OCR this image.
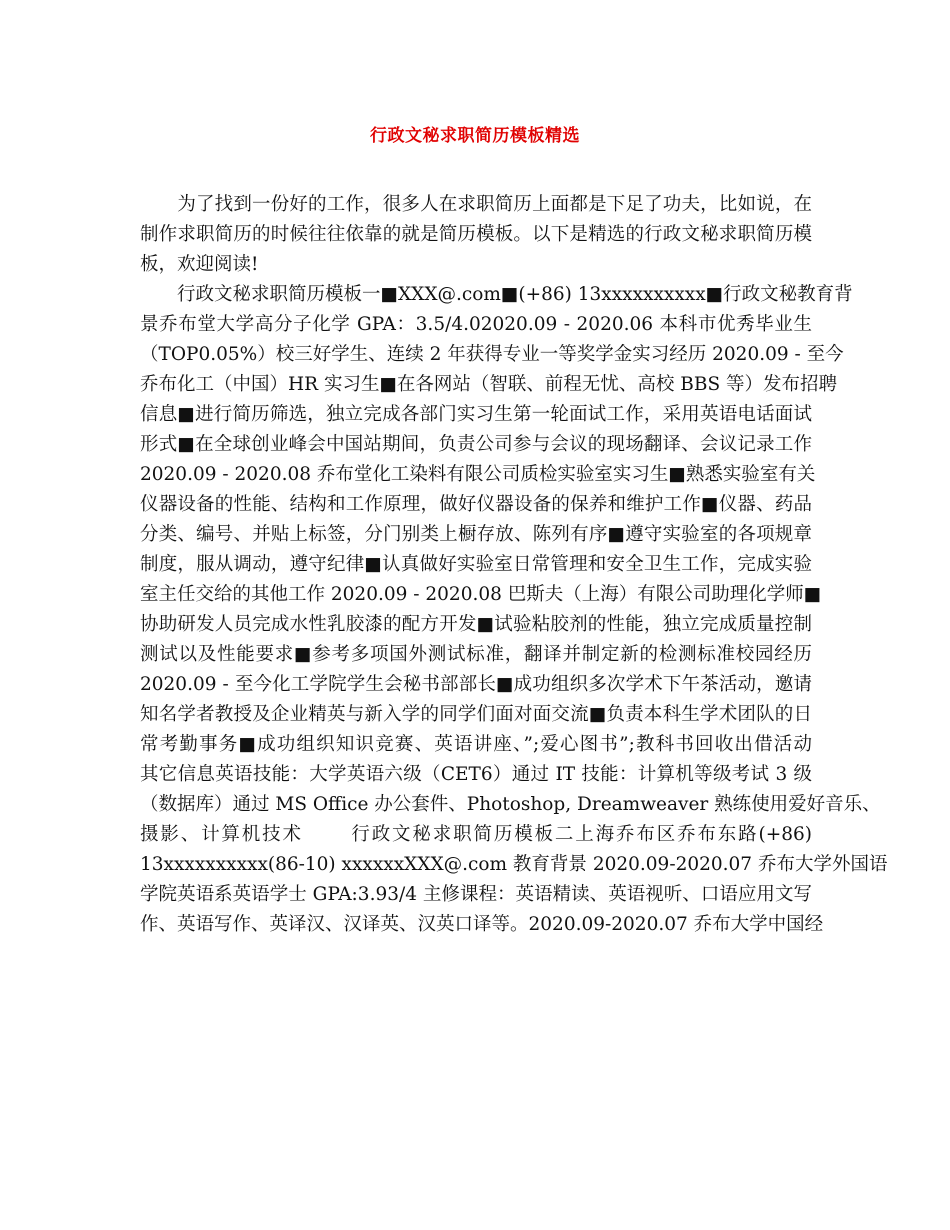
行政文秘求职简历模板精选
　　为了找到一份好的工作，很多人在求职简历上面都是下足了功夫，比如说，在
制作求职简历的时候往往依靠的就是简历模板。以下是精选的行政文秘求职简历模
板，欢迎阅读!
　　行政文秘求职简历模板一■XXX@.com■(+86) 13xxxxxxxxxx■行政文秘教育背
景乔布堂大学高分子化学 GPA：3.5/4.02020.09 - 2020.06 本科市优秀毕业生
（TOP0.05%）校三好学生、连续 2 年获得专业一等奖学金实习经历 2020.09 - 至今
乔布化工（中国）HR 实习生■在各网站（智联、前程无忧、高校 BBS 等）发布招聘
信息■进行简历筛选，独立完成各部门实习生第一轮面试工作，采用英语电话面试
形式■在全球创业峰会中国站期间，负责公司参与会议的现场翻译、会议记录工作
2020.09 - 2020.08 乔布堂化工染料有限公司质检实验室实习生■熟悉实验室有关
仪器设备的性能、结构和工作原理，做好仪器设备的保养和维护工作■仪器、药品
分类、编号、并贴上标签，分门别类上橱存放、陈列有序■遵守实验室的各项规章
制度，服从调动，遵守纪律■认真做好实验室日常管理和安全卫生工作，完成实验
室主任交给的其他工作 2020.09 - 2020.08 巴斯夫（上海）有限公司助理化学师■
协助研发人员完成水性乳胶漆的配方开发■试验粘胶剂的性能，独立完成质量控制
测试以及性能要求■参考多项国外测试标准，翻译并制定新的检测标准校园经历
2020.09 - 至今化工学院学生会秘书部部长■成功组织多次学术下午茶活动，邀请
知名学者教授及企业精英与新入学的同学们面对面交流■负责本科生学术团队的日
常考勤事务■成功组织知识竞赛、英语讲座、”;爱心图书”;教科书回收出借活动
其它信息英语技能：大学英语六级（CET6）通过 IT 技能：计算机等级考试 3 级
（数据库）通过 MS Office 办公套件、Photoshop, Dreamweaver 熟练使用爱好音乐、
摄影、计算机技术　　 行政文秘求职简历模板二上海乔布区乔布东路(+86)
13xxxxxxxxxx(86-10) xxxxxxXXX@.com 教育背景 2020.09-2020.07 乔布大学外国语
学院英语系英语学士 GPA:3.93/4 主修课程：英语精读、英语视听、口语应用文写
作、英语写作、英译汉、汉译英、汉英口译等。2020.09-2020.07 乔布大学中国经
